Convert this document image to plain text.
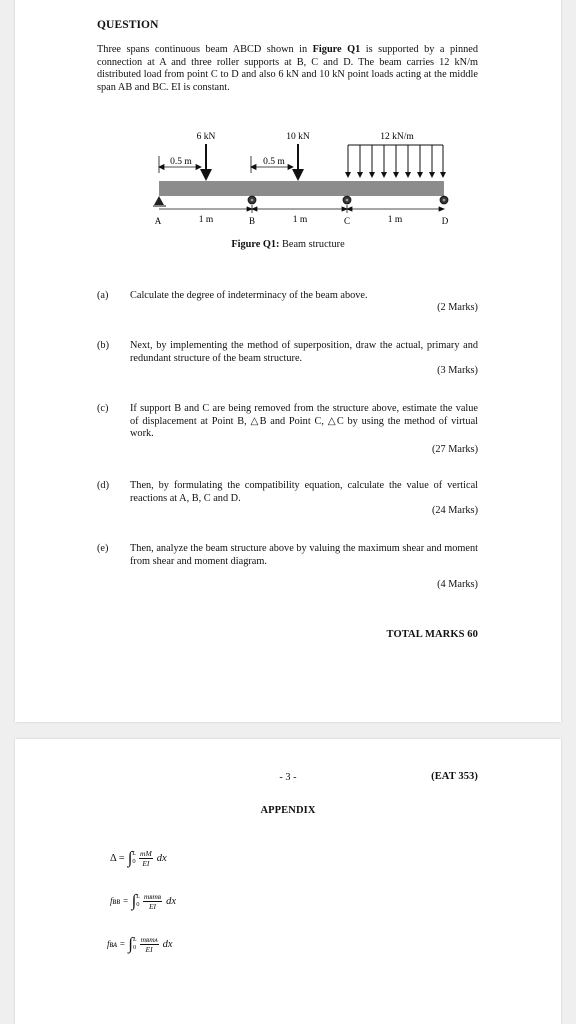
QUESTION
Three spans continuous beam ABCD shown in Figure Q1 is supported by a pinned connection at A and three roller supports at B, C and D. The beam carries 12 kN/m distributed load from point C to D and also 6 kN and 10 kN point loads acting at the middle span AB and BC. EI is constant.
6 kN	10 kN	12 kN/m
0.5 m	0.5 m
1 m	1 m	1 m
A	B	C	D
Figure Q1: Beam structure
(a) Calculate the degree of indeterminacy of the beam above.
(2 Marks)
(b) Next, by implementing the method of superposition, draw the actual, primary and redundant structure of the beam structure.
(3 Marks)
(c) If support B and C are being removed from the structure above, estimate the value of displacement at Point B, △B and Point C, △C by using the method of virtual work.
(27 Marks)
(d) Then, by formulating the compatibility equation, calculate the value of vertical reactions at A, B, C and D.
(24 Marks)
(e) Then, analyze the beam structure above by valuing the maximum shear and moment from shear and moment diagram.
(4 Marks)
TOTAL MARKS 60
- 3 -	(EAT 353)
APPENDIX
Δ = ∫ L
$0 \frac{mM}{EI}$ dx
fʙʙ = ∫ L
0
mʙmʙ
EI dx
fʙᴀ = ∫ L
0
mʙmᴀ
EI dx
